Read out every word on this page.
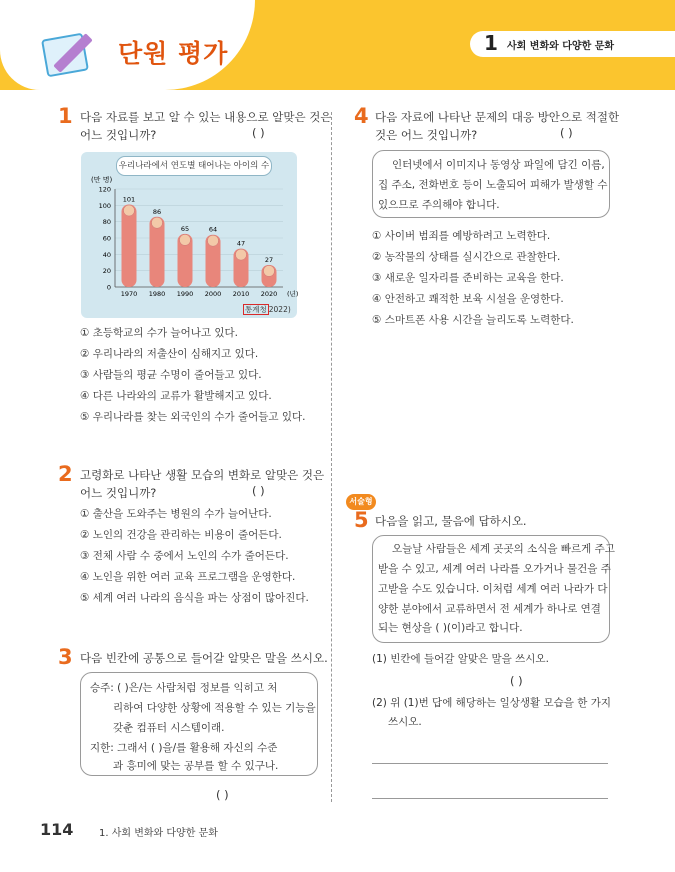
단원 평가	1 사회 변화와 다양한 문화
1 다음 자료를 보고 알 수 있는 내용으로 알맞은 것은
어느 것입니까?	( )
우리나라에서 연도별 태어나는 아이의 수
(만 명)
0
20
40
60
80
100
120
101
1970
86
1980
65
1990
64
2000
47
2010
27
2020 (년)
통계청 2022)
① 초등학교의 수가 늘어나고 있다.
② 우리나라의 저출산이 심해지고 있다.
③ 사람들의 평균 수명이 줄어들고 있다.
④ 다른 나라와의 교류가 활발해지고 있다.
⑤ 우리나라를 찾는 외국인의 수가 줄어들고 있다.
2 고령화로 나타난 생활 모습의 변화로 알맞은 것은
어느 것입니까?	( )
① 출산을 도와주는 병원의 수가 늘어난다.
② 노인의 건강을 관리하는 비용이 줄어든다.
③ 전체 사람 수 중에서 노인의 수가 줄어든다.
④ 노인을 위한 여러 교육 프로그램을 운영한다.
⑤ 세계 여러 나라의 음식을 파는 상점이 많아진다.
3 다음 빈칸에 공통으로 들어갈 알맞은 말을 쓰시오.
승주: ( )은/는 사람처럼 정보를 익히고 처
리하여 다양한 상황에 적용할 수 있는 기능을
갖춘 컴퓨터 시스템이래.
지한: 그래서 ( )을/를 활용해 자신의 수준
과 흥미에 맞는 공부를 할 수 있구나.
( )
4 다음 자료에 나타난 문제의 대응 방안으로 적절한
것은 어느 것입니까?	( )
인터넷에서 이미지나 동영상 파일에 담긴 이름,
집 주소, 전화번호 등이 노출되어 피해가 발생할 수
있으므로 주의해야 합니다.
① 사이버 범죄를 예방하려고 노력한다.
② 농작물의 상태를 실시간으로 관찰한다.
③ 새로운 일자리를 준비하는 교육을 한다.
④ 안전하고 쾌적한 보육 시설을 운영한다.
⑤ 스마트폰 사용 시간을 늘리도록 노력한다.
서술형
5 다음을 읽고, 물음에 답하시오.
오늘날 사람들은 세계 곳곳의 소식을 빠르게 주고
받을 수 있고, 세계 여러 나라를 오가거나 물건을 주
고받을 수도 있습니다. 이처럼 세계 여러 나라가 다
양한 분야에서 교류하면서 전 세계가 하나로 연결
되는 현상을 ( )(이)라고 합니다.
(1) 빈칸에 들어갈 알맞은 말을 쓰시오.
( )
(2) 위 (1)번 답에 해당하는 일상생활 모습을 한 가지
쓰시오.
114	1. 사회 변화와 다양한 문화
